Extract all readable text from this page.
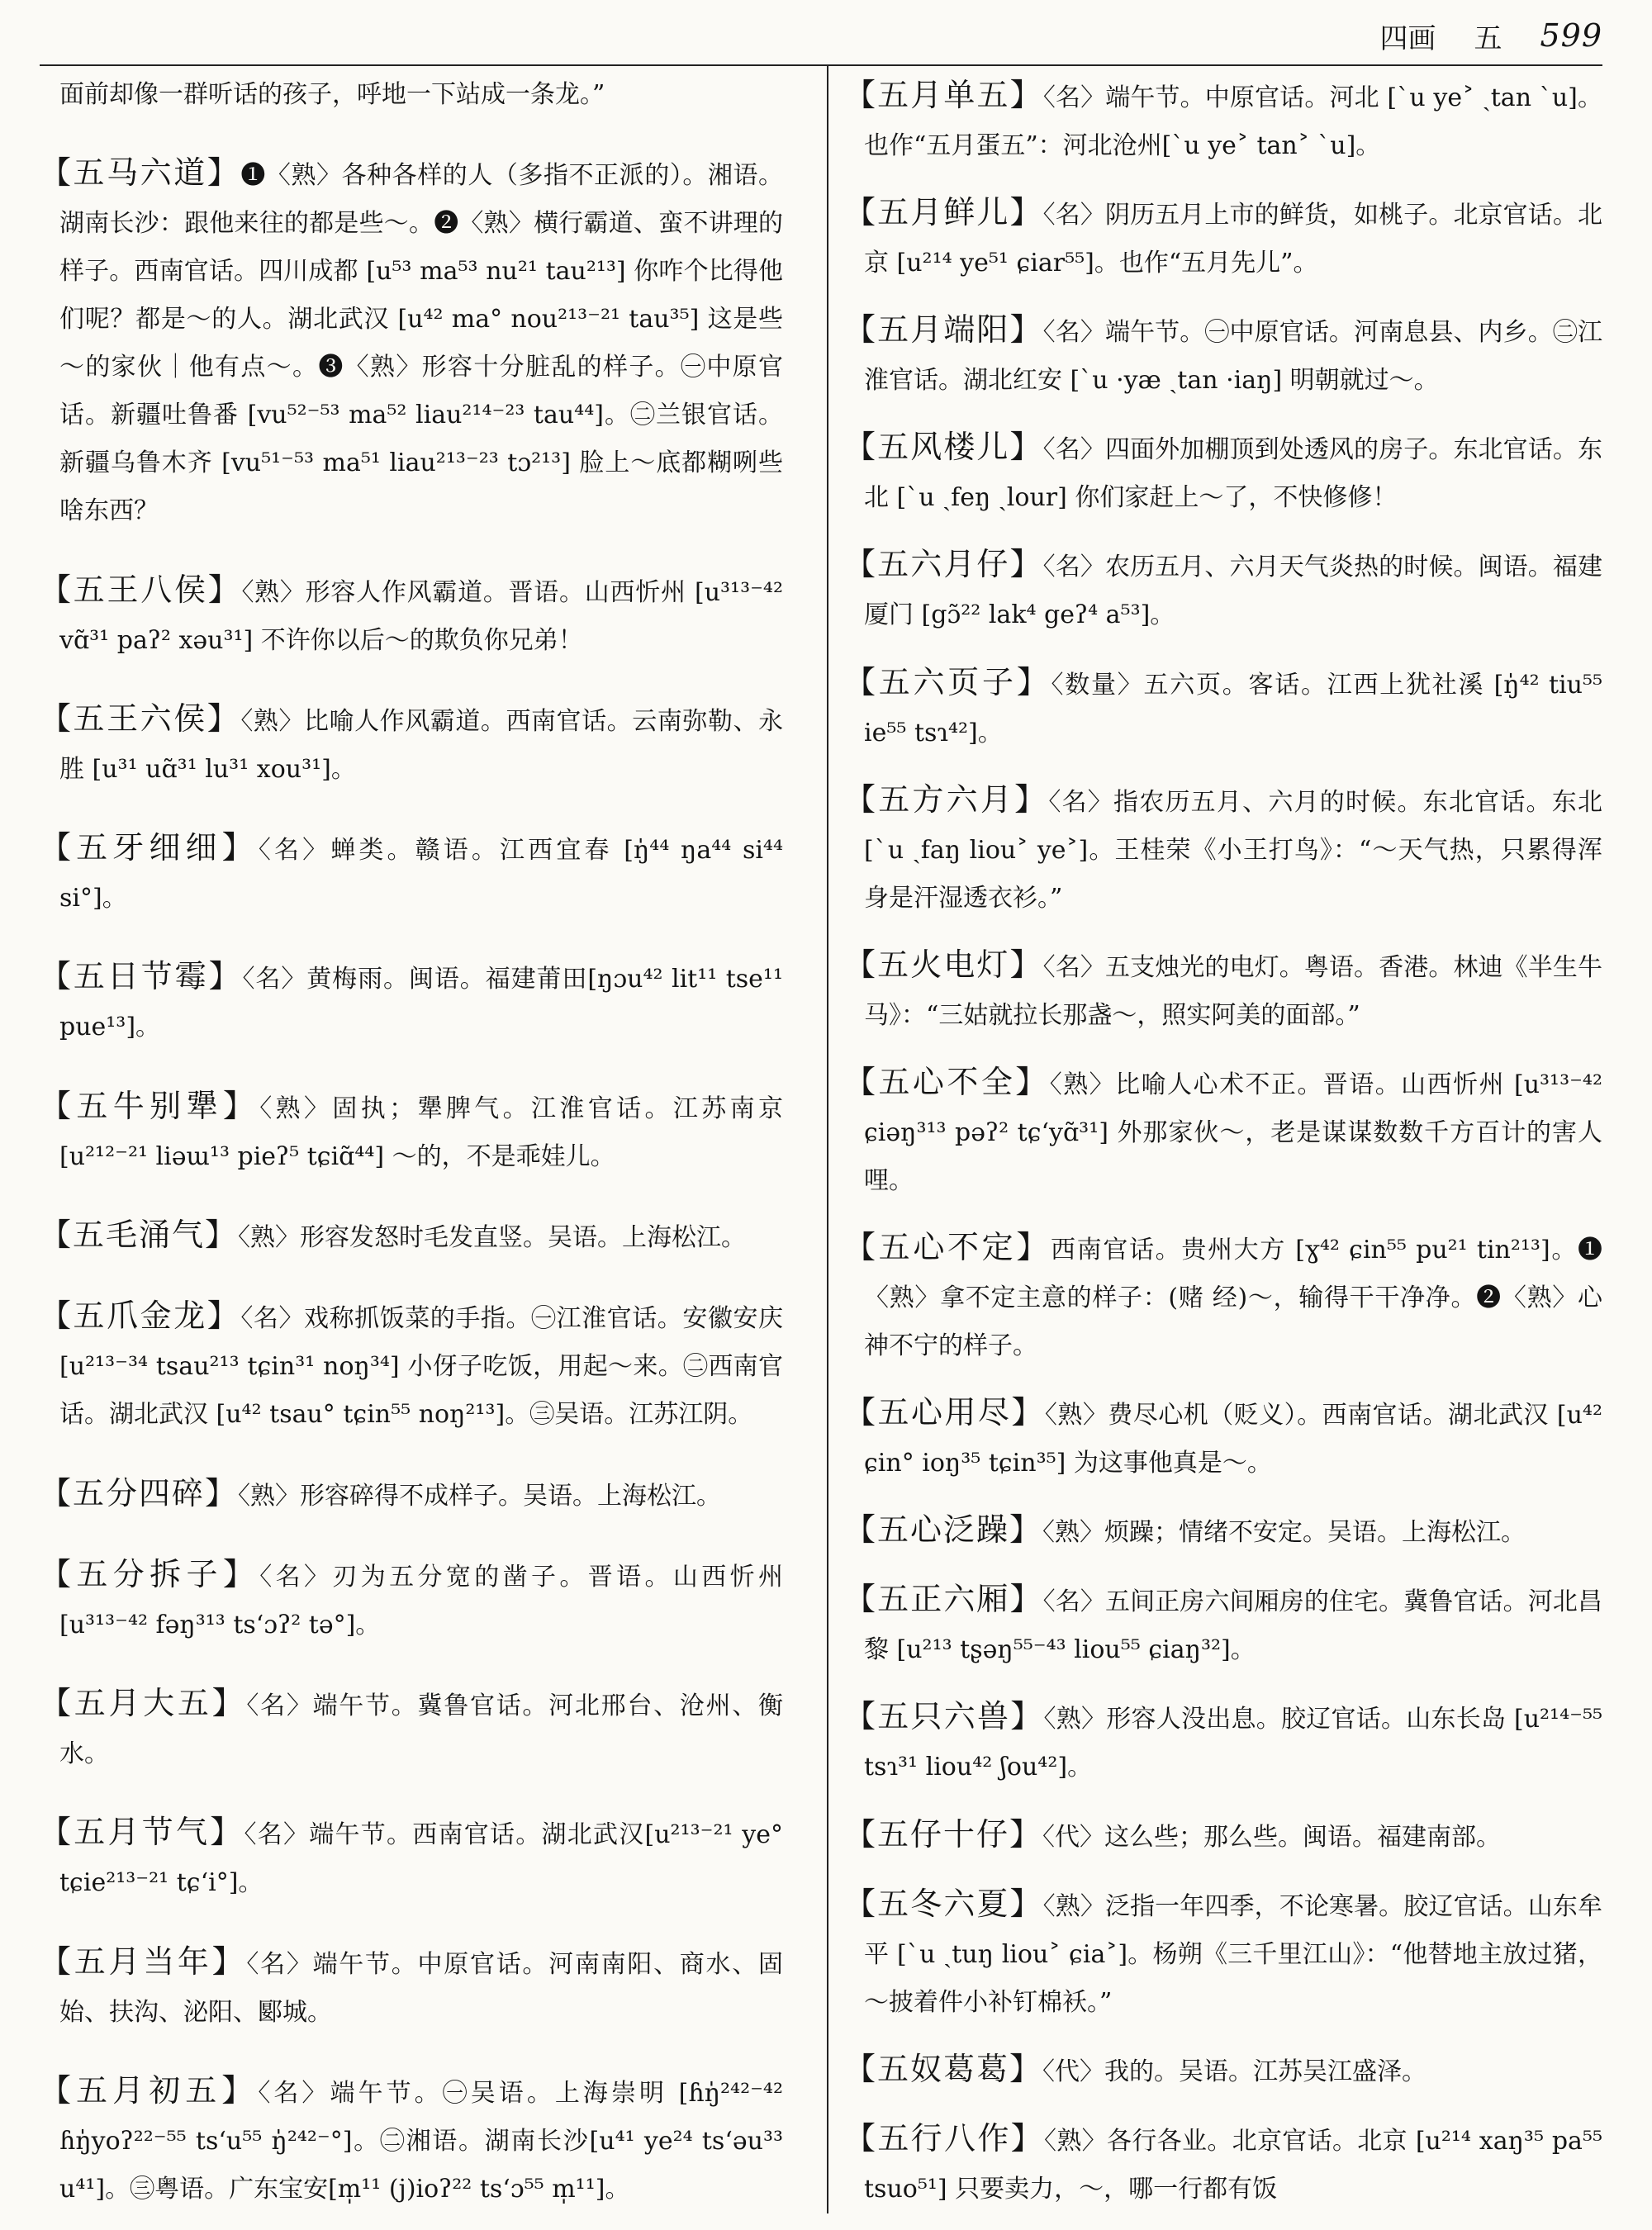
四画 五 599
面前却像一群听话的孩子，呼地一下站成一条龙。”
【五马六道】❶〈熟〉各种各样的人（多指不正派的）。湘语。湖南长沙：跟他来往的都是些～。❷〈熟〉横行霸道、蛮不讲理的样子。西南官话。四川成都 [u⁵³ ma⁵³ nu²¹ tau²¹³] 你咋个比得他们呢？都是～的人。湖北武汉 [u⁴² ma° nou²¹³⁻²¹ tau³⁵] 这是些～的家伙｜他有点～。❸〈熟〉形容十分脏乱的样子。㊀中原官话。新疆吐鲁番 [vu⁵²⁻⁵³ ma⁵² liau²¹⁴⁻²³ tau⁴⁴]。㊁兰银官话。新疆乌鲁木齐 [vu⁵¹⁻⁵³ ma⁵¹ liau²¹³⁻²³ tɔ²¹³] 脸上～底都糊咧些啥东西？
【五王八侯】〈熟〉形容人作风霸道。晋语。山西忻州 [u³¹³⁻⁴² vɑ̃³¹ paʔ² xəu³¹] 不许你以后～的欺负你兄弟！
【五王六侯】〈熟〉比喻人作风霸道。西南官话。云南弥勒、永胜 [u³¹ uɑ̃³¹ lu³¹ xou³¹]。
【五牙细细】〈名〉蝉类。赣语。江西宜春 [ŋ̍⁴⁴ ŋa⁴⁴ si⁴⁴ si°]。
【五日节霉】〈名〉黄梅雨。闽语。福建莆田[ŋɔu⁴² lit¹¹ tse¹¹ pue¹³]。
【五牛别犟】〈熟〉固执；犟脾气。江淮官话。江苏南京 [u²¹²⁻²¹ liəɯ¹³ pieʔ⁵ tɕiɑ̃⁴⁴] ～的，不是乖娃儿。
【五毛涌气】〈熟〉形容发怒时毛发直竖。吴语。上海松江。
【五爪金龙】〈名〉戏称抓饭菜的手指。㊀江淮官话。安徽安庆 [u²¹³⁻³⁴ tsau²¹³ tɕin³¹ noŋ³⁴] 小伢子吃饭，用起～来。㊁西南官话。湖北武汉 [u⁴² tsau° tɕin⁵⁵ noŋ²¹³]。㊂吴语。江苏江阴。
【五分四碎】〈熟〉形容碎得不成样子。吴语。上海松江。
【五分拆子】〈名〉刃为五分宽的凿子。晋语。山西忻州 [u³¹³⁻⁴² fəŋ³¹³ tsʻɔʔ² tə°]。
【五月大五】〈名〉端午节。冀鲁官话。河北邢台、沧州、衡水。
【五月节气】〈名〉端午节。西南官话。湖北武汉[u²¹³⁻²¹ ye° tɕie²¹³⁻²¹ tɕʻi°]。
【五月当年】〈名〉端午节。中原官话。河南南阳、商水、固始、扶沟、泌阳、郾城。
【五月初五】〈名〉端午节。㊀吴语。上海崇明 [ɦŋ̍²⁴²⁻⁴² ɦŋ̍yoʔ²²⁻⁵⁵ tsʻu⁵⁵ ŋ̍²⁴²⁻°]。㊁湘语。湖南长沙[u⁴¹ ye²⁴ tsʻəu³³ u⁴¹]。㊂粤语。广东宝安[m̩¹¹ (j)ioʔ²² tsʻɔ⁵⁵ m̩¹¹]。
【五月单五】〈名〉端午节。中原官话。河北 [ˋu ye˃ ˏtan ˋu]。也作“五月蛋五”：河北沧州[ˋu ye˃ tan˃ ˋu]。
【五月鲜儿】〈名〉阴历五月上市的鲜货，如桃子。北京官话。北京 [u²¹⁴ ye⁵¹ ɕiar⁵⁵]。也作“五月先儿”。
【五月端阳】〈名〉端午节。㊀中原官话。河南息县、内乡。㊁江淮官话。湖北红安 [ˋu ·yæ ˏtan ·iaŋ] 明朝就过～。
【五风楼儿】〈名〉四面外加棚顶到处透风的房子。东北官话。东北 [ˋu ˏfeŋ ˏlour] 你们家赶上～了，不快修修！
【五六月仔】〈名〉农历五月、六月天气炎热的时候。闽语。福建厦门 [gɔ̃²² lak⁴ geʔ⁴ a⁵³]。
【五六页子】〈数量〉五六页。客话。江西上犹社溪 [ŋ̍⁴² tiu⁵⁵ ie⁵⁵ tsɿ⁴²]。
【五方六月】〈名〉指农历五月、六月的时候。东北官话。东北 [ˋu ˏfaŋ liou˃ ye˃]。王桂荣《小王打鸟》：“～天气热，只累得浑身是汗湿透衣衫。”
【五火电灯】〈名〉五支烛光的电灯。粤语。香港。林迪《半生牛马》：“三姑就拉长那盏～，照实阿美的面部。”
【五心不全】〈熟〉比喻人心术不正。晋语。山西忻州 [u³¹³⁻⁴² ɕiəŋ³¹³ pəʔ² tɕʻyɑ̃³¹] 外那家伙～，老是谋谋数数千方百计的害人哩。
【五心不定】西南官话。贵州大方 [ɣ⁴² ɕin⁵⁵ pu²¹ tin²¹³]。❶〈熟〉拿不定主意的样子：(赌 经)～，输得干干净净。❷〈熟〉心神不宁的样子。
【五心用尽】〈熟〉费尽心机（贬义）。西南官话。湖北武汉 [u⁴² ɕin° ioŋ³⁵ tɕin³⁵] 为这事他真是～。
【五心泛躁】〈熟〉烦躁；情绪不安定。吴语。上海松江。
【五正六厢】〈名〉五间正房六间厢房的住宅。冀鲁官话。河北昌黎 [u²¹³ tʂəŋ⁵⁵⁻⁴³ liou⁵⁵ ɕiaŋ³²]。
【五只六兽】〈熟〉形容人没出息。胶辽官话。山东长岛 [u²¹⁴⁻⁵⁵ tsɿ³¹ liou⁴² ʃou⁴²]。
【五仔十仔】〈代〉这么些；那么些。闽语。福建南部。
【五冬六夏】〈熟〉泛指一年四季，不论寒暑。胶辽官话。山东牟平 [ˋu ˏtuŋ liou˃ ɕia˃]。杨朔《三千里江山》：“他替地主放过猪，～披着件小补钉棉袄。”
【五奴葛葛】〈代〉我的。吴语。江苏吴江盛泽。
【五行八作】〈熟〉各行各业。北京官话。北京 [u²¹⁴ xaŋ³⁵ pa⁵⁵ tsuo⁵¹] 只要卖力，～，哪一行都有饭
